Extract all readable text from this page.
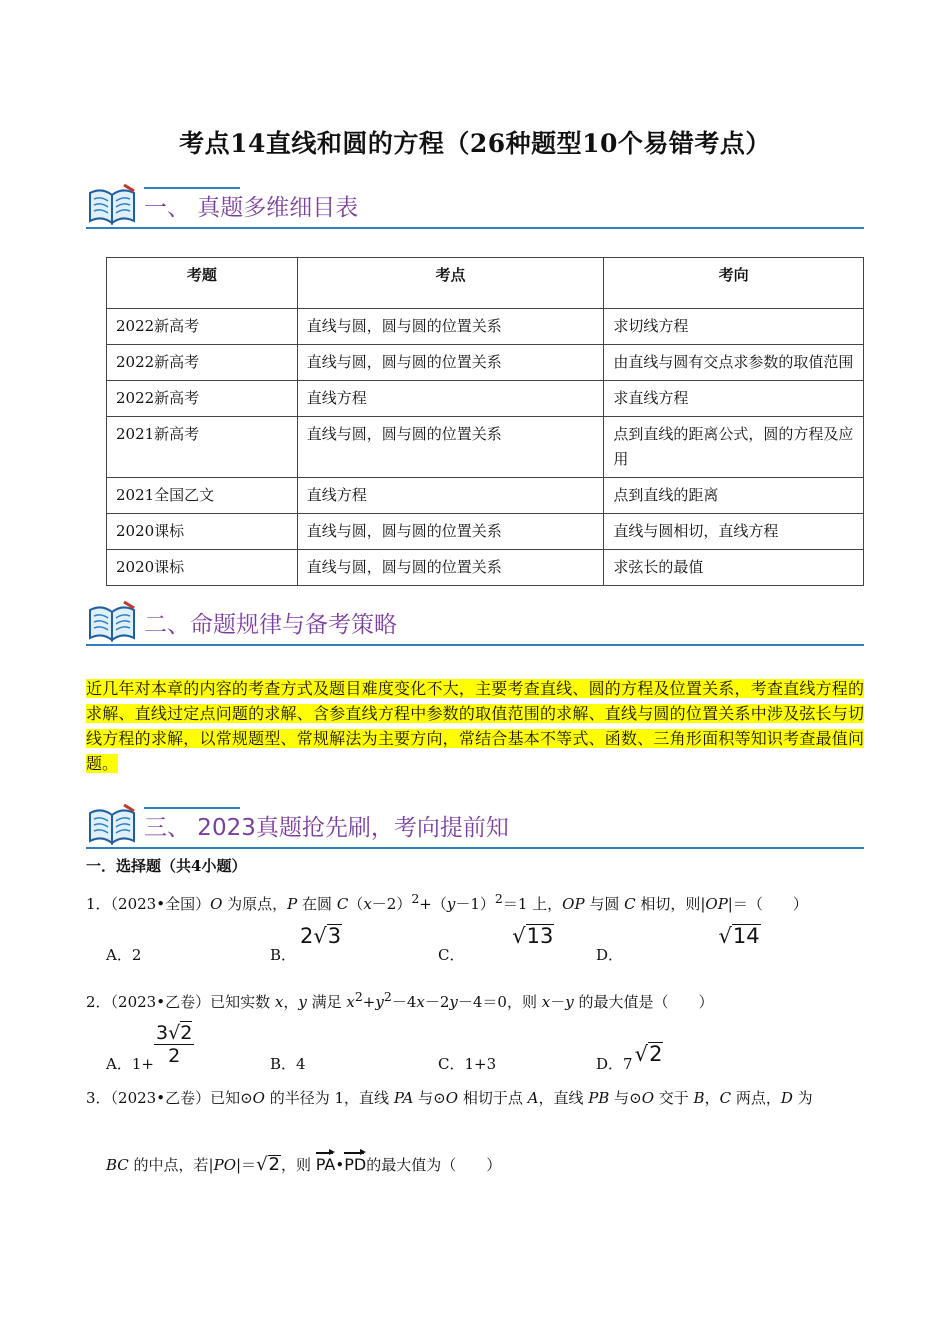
考点14直线和圆的方程（26种题型10个易错考点）
一、 真题多维细目表
考题	考点	考向
2022新高考	直线与圆，圆与圆的位置关系	求切线方程
2022新高考	直线与圆，圆与圆的位置关系	由直线与圆有交点求参数的取值范围
2022新高考	直线方程	求直线方程
2021新高考	直线与圆，圆与圆的位置关系	点到直线的距离公式，圆的方程及应用
2021全国乙文	直线方程	点到直线的距离
2020课标	直线与圆，圆与圆的位置关系	直线与圆相切，直线方程
2020课标	直线与圆，圆与圆的位置关系	求弦长的最值
二、命题规律与备考策略
近几年对本章的内容的考查方式及题目难度变化不大，主要考查直线、圆的方程及位置关系，考查直线方程的求解、直线过定点问题的求解、含参直线方程中参数的取值范围的求解、直线与圆的位置关系中涉及弦长与切线方程的求解，以常规题型、常规解法为主要方向，常结合基本不等式、函数、三角形面积等知识考查最值问题。
三、 2023真题抢先刷，考向提前知
一．选择题（共4小题）
1．（2023•全国）O 为原点，P 在圆 $C(x-2)^2+(y-1)^2=1$ 上，OP 与圆 C 相切，则|OP|＝（　　）
A．2	B．
2√3
C．
√13
D．
√14
2．（2023•乙卷）已知实数 x，y 满足 $x^2+y^2-4x-2y-4=0$，则 x－y 的最大值是（　　）
A．$1+ \frac{3√2}{2}$	B．4	C．1+3	√2
D．7
3．（2023•乙卷）已知⊙O 的半径为 1，直线 PA 与⊙O 相切于点 A，直线 PB 与⊙O 交于 B，C 两点，D 为
BC 的中点，若|PO|＝√2，则 PA•PD的最大值为（　　）
